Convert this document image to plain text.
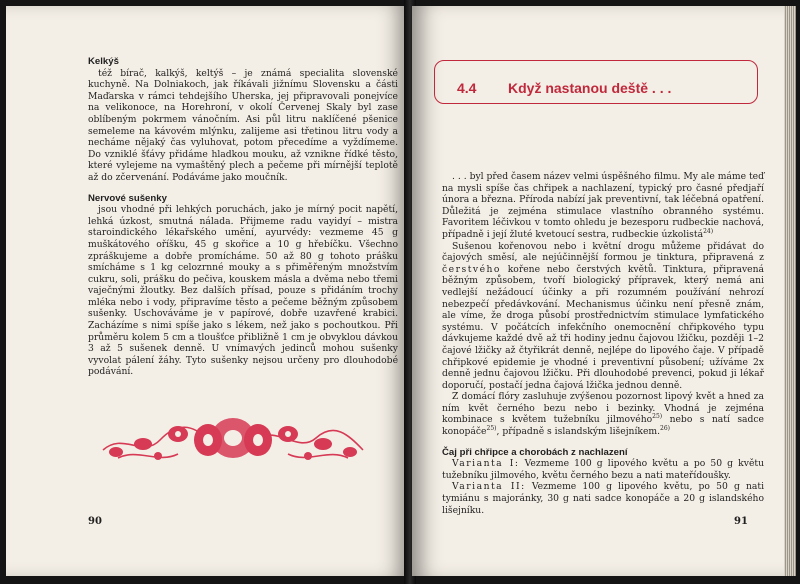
Kelkýš

též bírač, kalkýš, keltýš – je známá specialita slovenské kuchyně. Na Dolniakoch, jak říkávali jižnímu Slovensku a části Maďarska v rámci tehdejšího Uherska, jej připravovali ponejvíce na velikonoce, na Horehroní, v okolí Červenej Skaly byl zase oblíbeným pokrmem vánočním. Asi půl litru naklíčené pšenice semeleme na kávovém mlýnku, zalijeme asi třetinou litru vody a necháme nějaký čas vyluhovat, potom přecedíme a vyždímeme. Do vzniklé šťávy přidáme hladkou mouku, až vznikne řídké těsto, které vylejeme na vymaštěný plech a pečeme při mírnější teplotě až do zčervenání. Podáváme jako moučník.

Nervové sušenky

jsou vhodné při lehkých poruchách, jako je mírný pocit napětí, lehká úzkost, smutná nálada. Přijmeme radu vayidyí – mistra staroindického lékařského umění, ayurvédy: vezmeme 45 g muškátového oříšku, 45 g skořice a 10 g hřebíčku. Všechno zpráškujeme a dobře promícháme. 50 až 80 g tohoto prášku smícháme s 1 kg celozrnné mouky a s přiměřeným množstvím cukru, soli, prášku do pečiva, kouskem másla a dvěma nebo třemi vaječnými žloutky. Bez dalších přísad, pouze s přidáním trochy mléka nebo i vody, připravíme těsto a pečeme běžným způsobem sušenky. Uschováváme je v papírové, dobře uzavřené krabici. Zacházíme s nimi spíše jako s lékem, než jako s pochoutkou. Při průměru kolem 5 cm a tloušťce přibližně 1 cm je obvyklou dávkou 3 až 5 sušenek denně. U vnímavých jedinců mohou sušenky vyvolat pálení žáhy. Tyto sušenky nejsou určeny pro dlouhodobé podávání.

90
4.4 Když nastanou deště . . .

. . . byl před časem název velmi úspěšného filmu. My ale máme teď na mysli spíše čas chřipek a nachlazení, typický pro časné předjaří února a března. Příroda nabízí jak preventivní, tak léčebná opatření. Důležitá je zejména stimulace vlastního obranného systému. Favoritem léčivkou v tomto ohledu je bezesporu rudbeckie nachová, případně i její žluté kvetoucí sestra, rudbeckie úzkolistá$^{24)}$

Sušenou kořenovou nebo i květní drogu můžeme přidávat do čajových směsí, ale nejúčinnější formou je tinktura, připravená z čerstvého kořene nebo čerstvých květů. Tinktura, připravená běžným způsobem, tvoří biologický přípravek, který nemá ani vedlejší nežádoucí účinky a při rozumném používání nehrozí nebezpečí předávkování. Mechanismus účinku není přesně znám, ale víme, že droga působí prostřednictvím stimulace lymfatického systému. V počátcích infekčního onemocnění chřipkového typu dávkujeme každé dvě až tři hodiny jednu čajovou lžičku, později 1–2 čajové lžičky až čtyřikrát denně, nejlépe do lipového čaje. V případě chřipkové epidemie je vhodné i preventivní působení; užíváme 2x denně jednu čajovou lžičku. Při dlouhodobé prevenci, pokud ji lékař doporučí, postačí jedna čajová lžička jednou denně.

Z domácí flóry zasluhuje zvýšenou pozornost lipový květ a hned za ním květ černého bezu nebo i bezinky. Vhodná je zejména kombinace s květem tužebníku jilmového$^{25)}$ nebo s natí sadce konopáče$^{25)}$, případně s islandským lišejníkem.$^{26)}$

Čaj při chřipce a chorobách z nachlazení

Varianta I: Vezmeme 100 g lipového květu a po 50 g květu tužebníku jilmového, květu černého bezu a nati mateřídoušky.

Varianta II: Vezmeme 100 g lipového květu, po 50 g nati tymiánu s majoránky, 30 g nati sadce konopáče a 20 g islandského lišejníku.

91
